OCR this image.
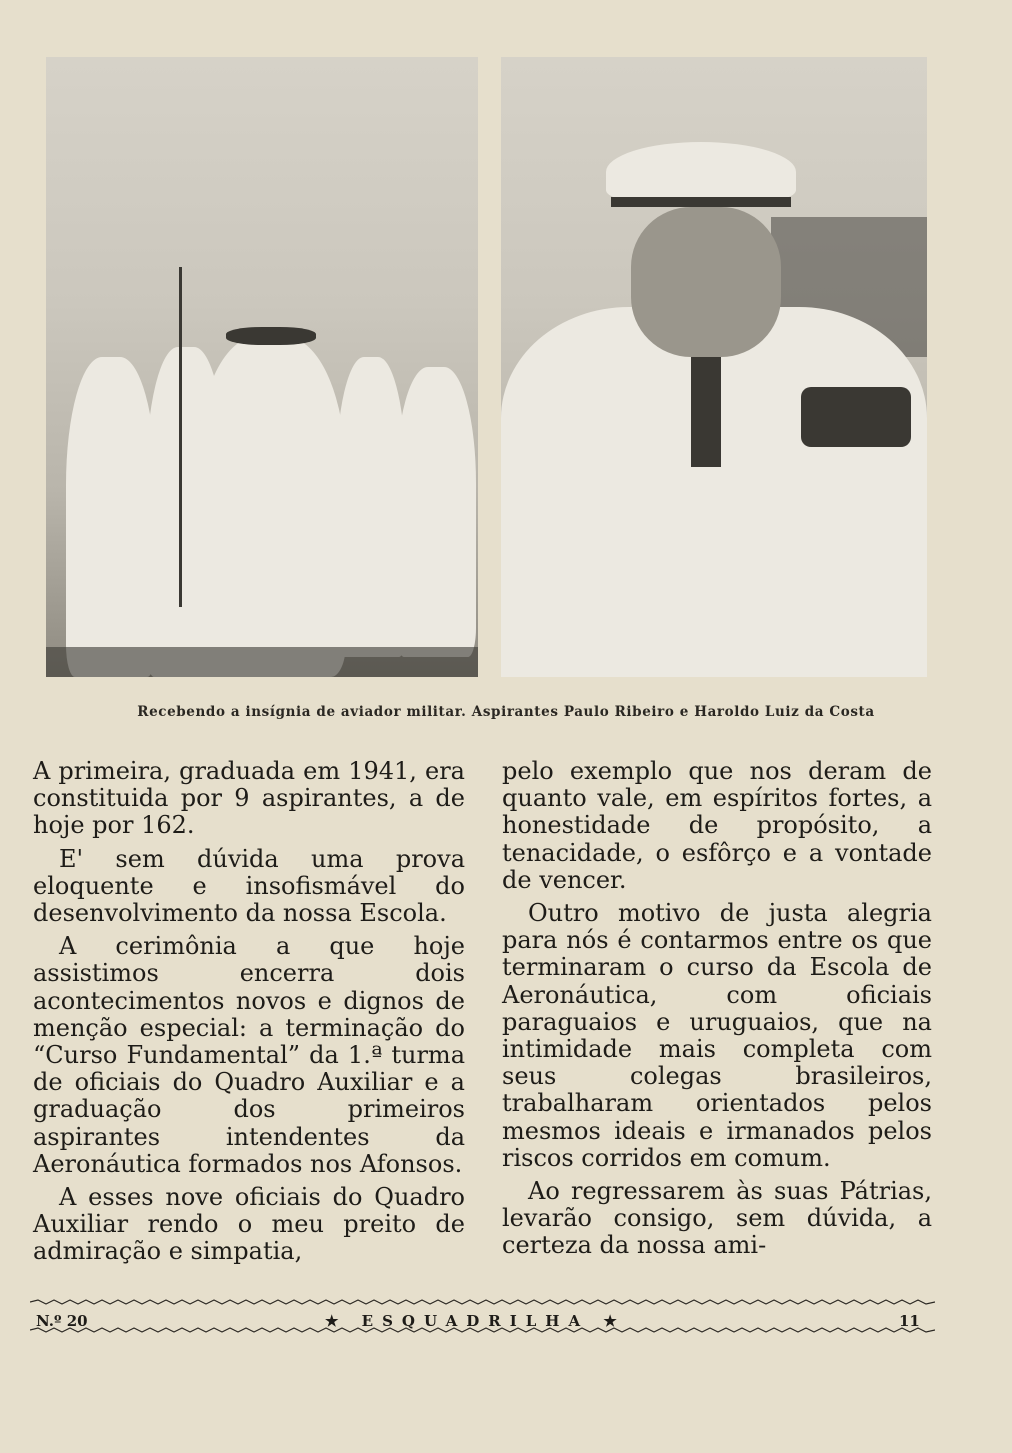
Recebendo a insígnia de aviador militar. Aspirantes Paulo Ribeiro e Haroldo Luiz da Costa

A primeira, graduada em 1941, era constituida por 9 aspirantes, a de hoje por 162.

E' sem dúvida uma prova eloquente e insofismável do desenvolvimento da nossa Escola.

A cerimônia a que hoje assistimos encerra dois acontecimentos novos e dignos de menção especial: a terminação do “Curso Fundamental” da 1.ª turma de oficiais do Quadro Auxiliar e a graduação dos primeiros aspirantes intendentes da Aeronáutica formados nos Afonsos.

A esses nove oficiais do Quadro Auxiliar rendo o meu preito de admiração e simpatia,

pelo exemplo que nos deram de quanto vale, em espíritos fortes, a honestidade de propósito, a tenacidade, o esfôrço e a vontade de vencer.

Outro motivo de justa alegria para nós é contarmos entre os que terminaram o curso da Escola de Aeronáutica, com oficiais paraguaios e uruguaios, que na intimidade mais completa com seus colegas brasileiros, trabalharam orientados pelos mesmos ideais e irmanados pelos riscos corridos em comum.

Ao regressarem às suas Pátrias, levarão consigo, sem dúvida, a certeza da nossa ami-

N.º 20	★ ESQUADRILHA ★	11
